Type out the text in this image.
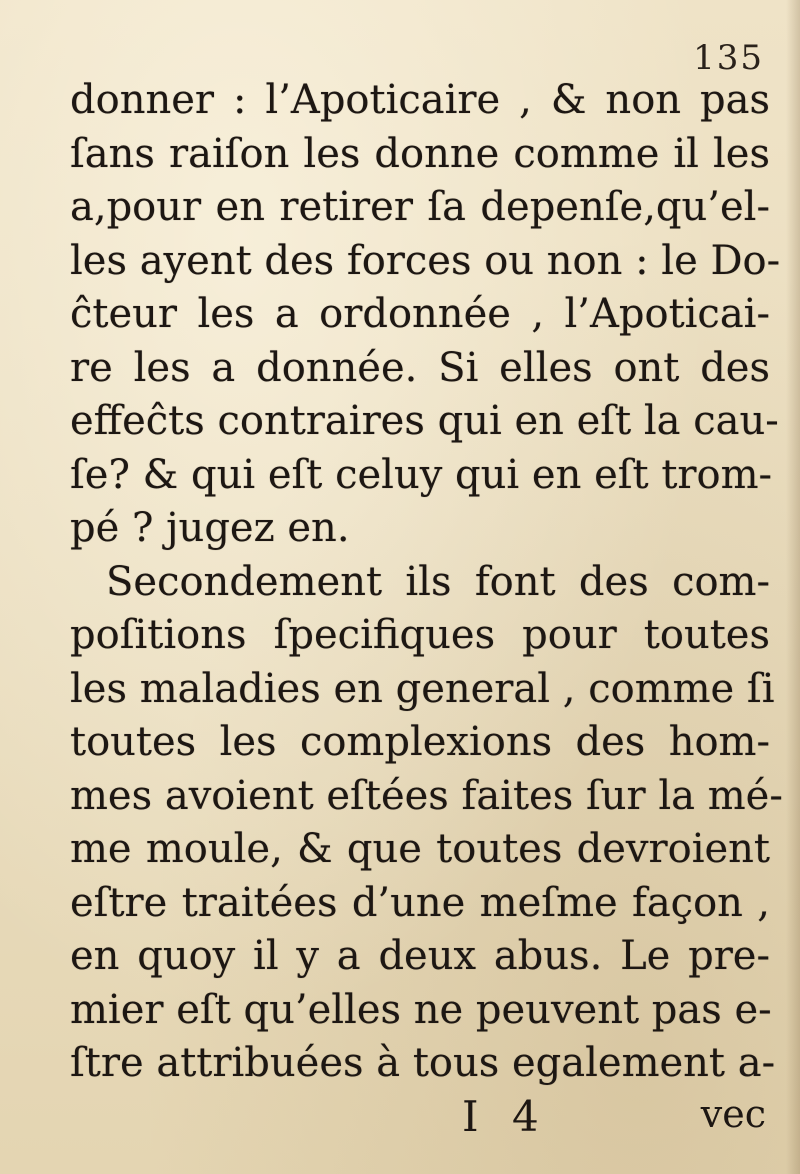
135
donner : l’Apoticaire , & non pas
ſans raiſon les donne comme il les
a,pour en retirer ſa depenſe,qu’el-
les ayent des forces ou non : le Do-
ĉteur les a ordonnée , l’Apoticai-
re les a donnée. Si elles ont des
effeĉts contraires qui en eſt la cau-
ſe? & qui eſt celuy qui en eſt trom-
pé ? jugez en.
Secondement ils font des com-
poſitions ſpecifiques pour toutes
les maladies en general , comme ſi
toutes les complexions des hom-
mes avoient eſtées faites ſur la mé-
me moule, & que toutes devroient
eſtre traitées d’une meſme façon ,
en quoy il y a deux abus. Le pre-
mier eſt qu’elles ne peuvent pas e-
ſtre attribuées à tous egalement a-
I 4	vec
